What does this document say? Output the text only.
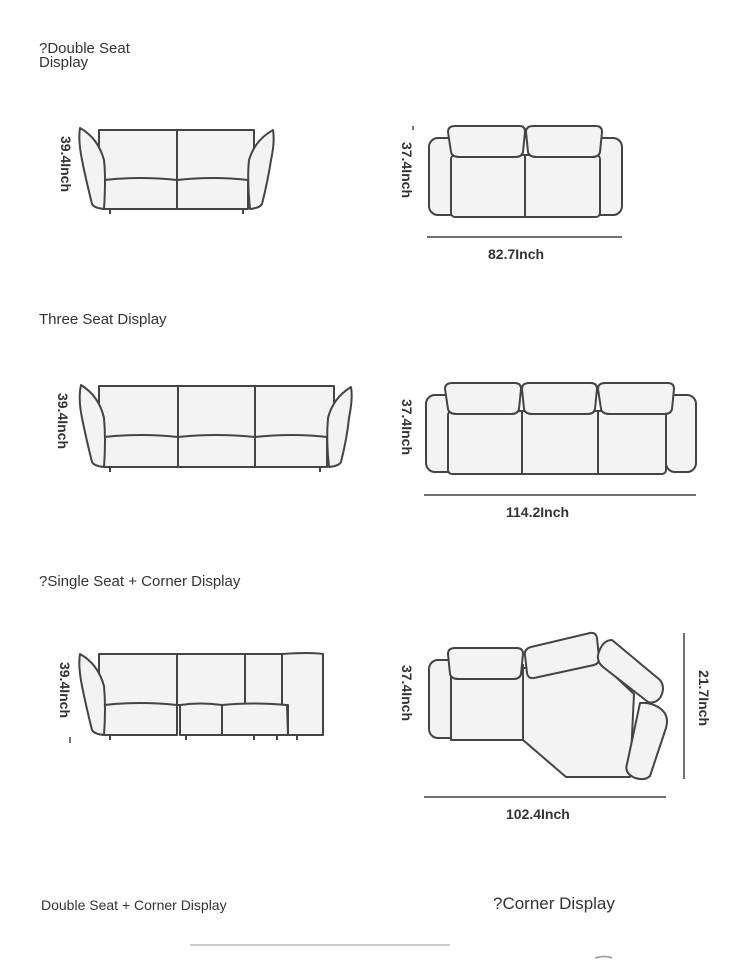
?Double Seat
Display
Three Seat Display
?Single Seat + Corner Display
Double Seat + Corner Display	?Corner Display
39.4Inch	37.4Inch
82.7Inch
39.4Inch	37.4Inch
114.2Inch
39.4Inch	37.4Inch
102.4Inch
21.7Inch
